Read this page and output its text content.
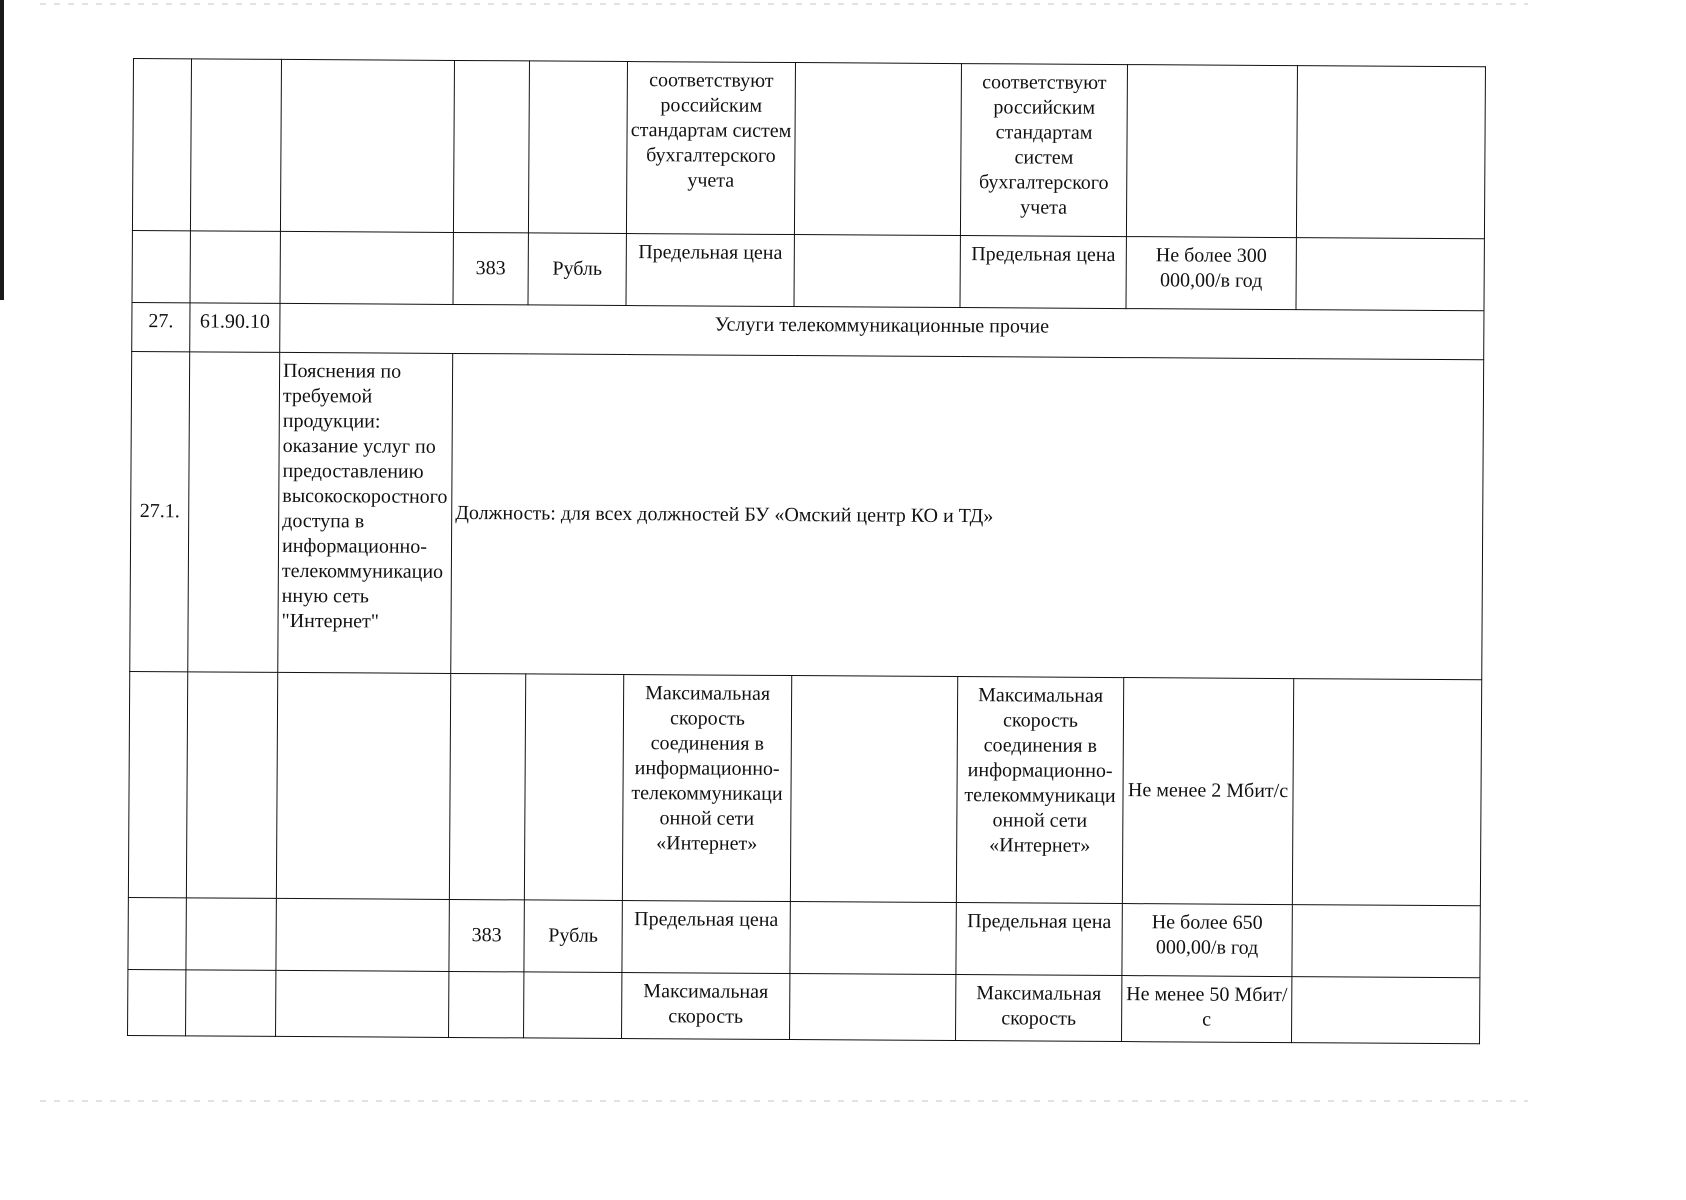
					соответствуют российским стандартам систем бухгалтерского учета		соответствуют российским стандартам систем бухгалтерского учета		
			383	Рубль	Предельная цена		Предельная цена	Не более 300 000,00/в год	
27.	61.90.10	Услуги телекоммуникационные прочие							
27.1.		Пояснения по требуемой продукции: оказание услуг по предоставлению высокоскоростного доступа в информационно-телекоммуникационную сеть "Интернет"	Должность: для всех должностей БУ «Омский центр КО и ТД»						
					Максимальная скорость соединения в информационно-телекоммуникационной сети «Интернет»		Максимальная скорость соединения в информационно-телекоммуникационной сети «Интернет»	Не менее 2 Мбит/с	
			383	Рубль	Предельная цена		Предельная цена	Не более 650 000,00/в год	
					Максимальная скорость		Максимальная скорость	Не менее 50 Мбит/с	
